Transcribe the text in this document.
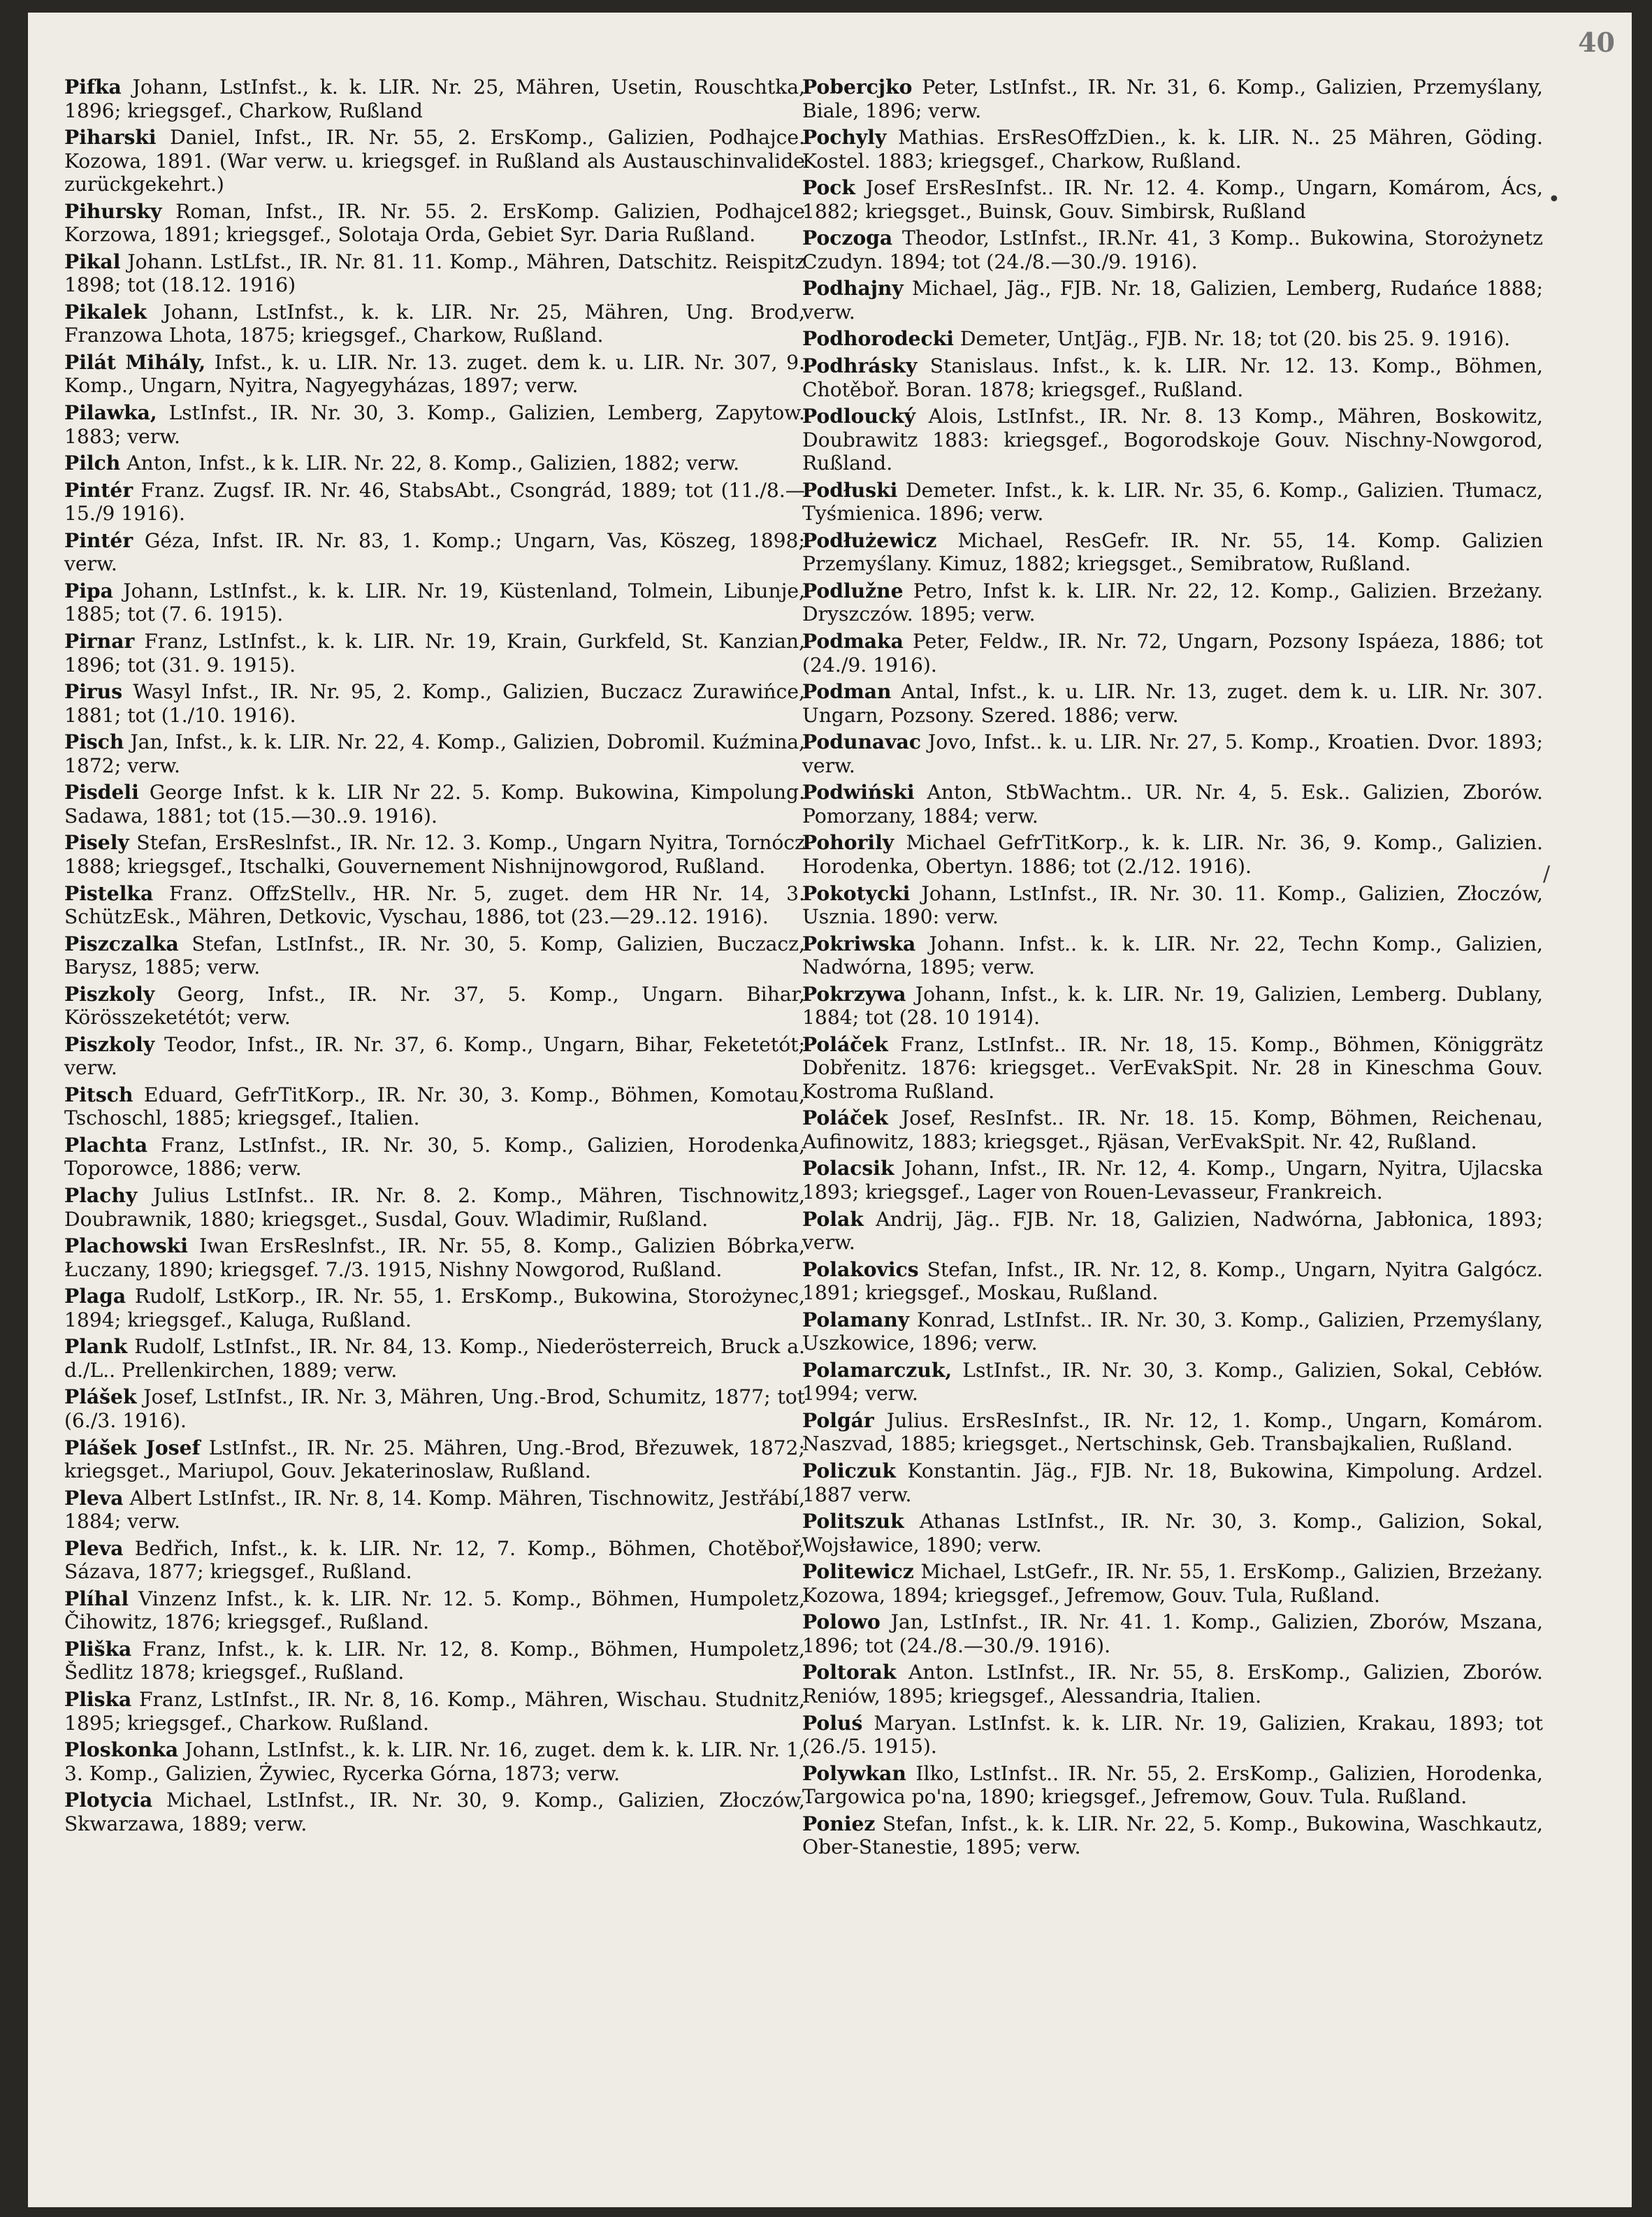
40

Pifka Johann, LstInfst., k. k. LIR. Nr. 25, Mähren, Usetin, Rouschtka, 1896; kriegsgef., Charkow, Rußland

Piharski Daniel, Infst., IR. Nr. 55, 2. ErsKomp., Galizien, Podhajce. Kozowa, 1891. (War verw. u. kriegsgef. in Rußland als Austauschinvalide zurückgekehrt.)

Pihursky Roman, Infst., IR. Nr. 55. 2. ErsKomp. Galizien, Podhajce Korzowa, 1891; kriegsgef., Solotaja Orda, Gebiet Syr. Daria Rußland.

Pikal Johann. LstLfst., IR. Nr. 81. 11. Komp., Mähren, Datschitz. Reispitz 1898; tot (18.12. 1916)

Pikalek Johann, LstInfst., k. k. LIR. Nr. 25, Mähren, Ung. Brod, Franzowa Lhota, 1875; kriegsgef., Charkow, Rußland.

Pilát Mihály, Infst., k. u. LIR. Nr. 13. zuget. dem k. u. LIR. Nr. 307, 9. Komp., Ungarn, Nyitra, Nagyegyházas, 1897; verw.

Pilawka, LstInfst., IR. Nr. 30, 3. Komp., Galizien, Lemberg, Zapytow. 1883; verw.

Pilch Anton, Infst., k k. LIR. Nr. 22, 8. Komp., Galizien, 1882; verw.

Pintér Franz. Zugsf. IR. Nr. 46, StabsAbt., Csongrád, 1889; tot (11./8.—15./9 1916).

Pintér Géza, Infst. IR. Nr. 83, 1. Komp.; Ungarn, Vas, Köszeg, 1898; verw.

Pipa Johann, LstInfst., k. k. LIR. Nr. 19, Küstenland, Tolmein, Libunje, 1885; tot (7. 6. 1915).

Pirnar Franz, LstInfst., k. k. LIR. Nr. 19, Krain, Gurkfeld, St. Kanzian, 1896; tot (31. 9. 1915).

Pirus Wasyl Infst., IR. Nr. 95, 2. Komp., Galizien, Buczacz Zurawińce, 1881; tot (1./10. 1916).

Pisch Jan, Infst., k. k. LIR. Nr. 22, 4. Komp., Galizien, Dobromil. Kuźmina, 1872; verw.

Pisdeli George Infst. k k. LIR Nr 22. 5. Komp. Bukowina, Kimpolung. Sadawa, 1881; tot (15.—30..9. 1916).

Pisely Stefan, ErsReslnfst., IR. Nr. 12. 3. Komp., Ungarn Nyitra, Tornócz 1888; kriegsgef., Itschalki, Gouvernement Nishnijnowgorod, Rußland.

Pistelka Franz. OffzStellv., HR. Nr. 5, zuget. dem HR Nr. 14, 3. SchützEsk., Mähren, Detkovic, Vyschau, 1886, tot (23.—29..12. 1916).

Piszczalka Stefan, LstInfst., IR. Nr. 30, 5. Komp, Galizien, Buczacz, Barysz, 1885; verw.

Piszkoly Georg, Infst., IR. Nr. 37, 5. Komp., Ungarn. Bihar, Körösszeketétót; verw.

Piszkoly Teodor, Infst., IR. Nr. 37, 6. Komp., Ungarn, Bihar, Feketetót; verw.

Pitsch Eduard, GefrTitKorp., IR. Nr. 30, 3. Komp., Böhmen, Komotau, Tschoschl, 1885; kriegsgef., Italien.

Plachta Franz, LstInfst., IR. Nr. 30, 5. Komp., Galizien, Horodenka, Toporowce, 1886; verw.

Plachy Julius LstInfst.. IR. Nr. 8. 2. Komp., Mähren, Tischnowitz, Doubrawnik, 1880; kriegsget., Susdal, Gouv. Wladimir, Rußland.

Plachowski Iwan ErsReslnfst., IR. Nr. 55, 8. Komp., Galizien Bóbrka, Łuczany, 1890; kriegsgef. 7./3. 1915, Nishny Nowgorod, Rußland.

Plaga Rudolf, LstKorp., IR. Nr. 55, 1. ErsKomp., Bukowina, Storożynec, 1894; kriegsgef., Kaluga, Rußland.

Plank Rudolf, LstInfst., IR. Nr. 84, 13. Komp., Niederösterreich, Bruck a. d./L.. Prellenkirchen, 1889; verw.

Plášek Josef, LstInfst., IR. Nr. 3, Mähren, Ung.-Brod, Schumitz, 1877; tot (6./3. 1916).

Plášek Josef LstInfst., IR. Nr. 25. Mähren, Ung.-Brod, Březuwek, 1872; kriegsget., Mariupol, Gouv. Jekaterinoslaw, Rußland.

Pleva Albert LstInfst., IR. Nr. 8, 14. Komp. Mähren, Tischnowitz, Jestřábí, 1884; verw.

Pleva Bedřich, Infst., k. k. LIR. Nr. 12, 7. Komp., Böhmen, Chotěboř, Sázava, 1877; kriegsgef., Rußland.

Plíhal Vinzenz Infst., k. k. LIR. Nr. 12. 5. Komp., Böhmen, Humpoletz, Čihowitz, 1876; kriegsgef., Rußland.

Pliška Franz, Infst., k. k. LIR. Nr. 12, 8. Komp., Böhmen, Humpoletz, Šedlitz 1878; kriegsgef., Rußland.

Pliska Franz, LstInfst., IR. Nr. 8, 16. Komp., Mähren, Wischau. Studnitz, 1895; kriegsgef., Charkow. Rußland.

Ploskonka Johann, LstInfst., k. k. LIR. Nr. 16, zuget. dem k. k. LIR. Nr. 1, 3. Komp., Galizien, Żywiec, Rycerka Górna, 1873; verw.

Plotycia Michael, LstInfst., IR. Nr. 30, 9. Komp., Galizien, Złoczów, Skwarzawa, 1889; verw.

Pobercjko Peter, LstInfst., IR. Nr. 31, 6. Komp., Galizien, Przemyślany, Biale, 1896; verw.

Pochyly Mathias. ErsResOffzDien., k. k. LIR. N.. 25 Mähren, Göding. Kostel. 1883; kriegsgef., Charkow, Rußland.

Pock Josef ErsResInfst.. IR. Nr. 12. 4. Komp., Ungarn, Komárom, Ács, 1882; kriegsget., Buinsk, Gouv. Simbirsk, Rußland

Poczoga Theodor, LstInfst., IR.Nr. 41, 3 Komp.. Bukowina, Storożynetz Czudyn. 1894; tot (24./8.—30./9. 1916).

Podhajny Michael, Jäg., FJB. Nr. 18, Galizien, Lemberg, Rudańce 1888; verw.

Podhorodecki Demeter, UntJäg., FJB. Nr. 18; tot (20. bis 25. 9. 1916).

Podhrásky Stanislaus. Infst., k. k. LIR. Nr. 12. 13. Komp., Böhmen, Chotěboř. Boran. 1878; kriegsgef., Rußland.

Podloucký Alois, LstInfst., IR. Nr. 8. 13 Komp., Mähren, Boskowitz, Doubrawitz 1883: kriegsgef., Bogorodskoje Gouv. Nischny-Nowgorod, Rußland.

Podłuski Demeter. Infst., k. k. LIR. Nr. 35, 6. Komp., Galizien. Tłumacz, Tyśmienica. 1896; verw.

Podłużewicz Michael, ResGefr. IR. Nr. 55, 14. Komp. Galizien Przemyślany. Kimuz, 1882; kriegsget., Semibratow, Rußland.

Podlužne Petro, Infst k. k. LIR. Nr. 22, 12. Komp., Galizien. Brzeżany. Dryszczów. 1895; verw.

Podmaka Peter, Feldw., IR. Nr. 72, Ungarn, Pozsony Ispáeza, 1886; tot (24./9. 1916).

Podman Antal, Infst., k. u. LIR. Nr. 13, zuget. dem k. u. LIR. Nr. 307. Ungarn, Pozsony. Szered. 1886; verw.

Podunavac Jovo, Infst.. k. u. LIR. Nr. 27, 5. Komp., Kroatien. Dvor. 1893; verw.

Podwiński Anton, StbWachtm.. UR. Nr. 4, 5. Esk.. Galizien, Zborów. Pomorzany, 1884; verw.

Pohorily Michael GefrTitKorp., k. k. LIR. Nr. 36, 9. Komp., Galizien. Horodenka, Obertyn. 1886; tot (2./12. 1916).

Pokotycki Johann, LstInfst., IR. Nr. 30. 11. Komp., Galizien, Złoczów, Usznia. 1890: verw.

Pokriwska Johann. Infst.. k. k. LIR. Nr. 22, Techn Komp., Galizien, Nadwórna, 1895; verw.

Pokrzywa Johann, Infst., k. k. LIR. Nr. 19, Galizien, Lemberg. Dublany, 1884; tot (28. 10 1914).

Poláček Franz, LstInfst.. IR. Nr. 18, 15. Komp., Böhmen, Königgrätz Dobřenitz. 1876: kriegsget.. VerEvakSpit. Nr. 28 in Kineschma Gouv. Kostroma Rußland.

Poláček Josef, ResInfst.. IR. Nr. 18. 15. Komp, Böhmen, Reichenau, Aufinowitz, 1883; kriegsget., Rjäsan, VerEvakSpit. Nr. 42, Rußland.

Polacsik Johann, Infst., IR. Nr. 12, 4. Komp., Ungarn, Nyitra, Ujlacska 1893; kriegsgef., Lager von Rouen-Levasseur, Frankreich.

Polak Andrij, Jäg.. FJB. Nr. 18, Galizien, Nadwórna, Jabłonica, 1893; verw.

Polakovics Stefan, Infst., IR. Nr. 12, 8. Komp., Ungarn, Nyitra Galgócz. 1891; kriegsgef., Moskau, Rußland.

Polamany Konrad, LstInfst.. IR. Nr. 30, 3. Komp., Galizien, Przemyślany, Uszkowice, 1896; verw.

Polamarczuk, LstInfst., IR. Nr. 30, 3. Komp., Galizien, Sokal, Cebłów. 1994; verw.

Polgár Julius. ErsResInfst., IR. Nr. 12, 1. Komp., Ungarn, Komárom. Naszvad, 1885; kriegsget., Nertschinsk, Geb. Transbajkalien, Rußland.

Policzuk Konstantin. Jäg., FJB. Nr. 18, Bukowina, Kimpolung. Ardzel. 1887 verw.

Politszuk Athanas LstInfst., IR. Nr. 30, 3. Komp., Galizion, Sokal, Wojsławice, 1890; verw.

Politewicz Michael, LstGefr., IR. Nr. 55, 1. ErsKomp., Galizien, Brzeżany. Kozowa, 1894; kriegsgef., Jefremow, Gouv. Tula, Rußland.

Polowo Jan, LstInfst., IR. Nr. 41. 1. Komp., Galizien, Zborów, Mszana, 1896; tot (24./8.—30./9. 1916).

Poltorak Anton. LstInfst., IR. Nr. 55, 8. ErsKomp., Galizien, Zborów. Reniów, 1895; kriegsgef., Alessandria, Italien.

Poluś Maryan. LstInfst. k. k. LIR. Nr. 19, Galizien, Krakau, 1893; tot (26./5. 1915).

Polywkan Ilko, LstInfst.. IR. Nr. 55, 2. ErsKomp., Galizien, Horodenka, Targowica po'na, 1890; kriegsgef., Jefremow, Gouv. Tula. Rußland.

Poniez Stefan, Infst., k. k. LIR. Nr. 22, 5. Komp., Bukowina, Waschkautz, Ober-Stanestie, 1895; verw.

•
/
